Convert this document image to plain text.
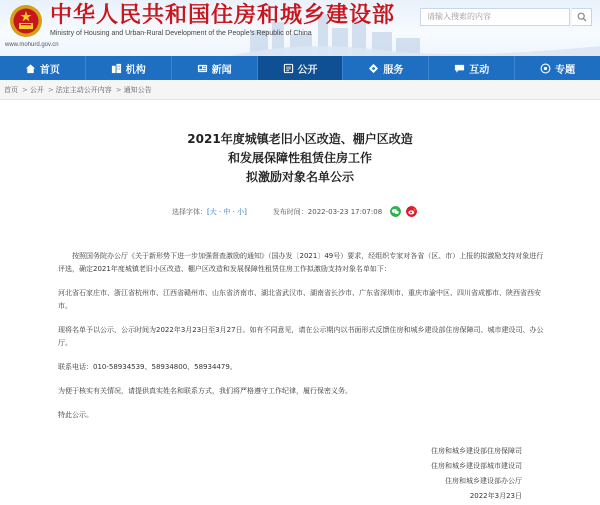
中华人民共和国住房和城乡建设部
Ministry of Housing and Urban-Rural Development of the People's Republic of China
www.mohurd.gov.cn
请输入搜索的内容
首页	机构	新闻	公开	服务	互动	专题
首页 > 公开 > 法定主动公开内容 > 通知公告
2021年度城镇老旧小区改造、棚户区改造
和发展保障性租赁住房工作
拟激励对象名单公示
选择字体： [大 · 中 · 小]	发布时间：2022-03-23 17:07:08
按照国务院办公厅《关于新形势下进一步加强督查激励的通知》（国办发〔2021〕49号）要求，经组织专家对各省（区、市）上报的拟激励支持对象进行评选，确定2021年度城镇老旧小区改造、棚户区改造和发展保障性租赁住房工作拟激励支持对象名单如下：
河北省石家庄市、浙江省杭州市、江西省赣州市、山东省济南市、湖北省武汉市、湖南省长沙市、广东省深圳市、重庆市渝中区、四川省成都市、陕西省西安市。
现将名单予以公示，公示时间为2022年3月23日至3月27日。如有不同意见，请在公示期内以书面形式反馈住房和城乡建设部住房保障司、城市建设司、办公厅。
联系电话：010-58934539、58934800、58934479。
为便于核实有关情况，请提供真实姓名和联系方式，我们将严格遵守工作纪律，履行保密义务。
特此公示。
住房和城乡建设部住房保障司
住房和城乡建设部城市建设司
住房和城乡建设部办公厅
2022年3月23日
